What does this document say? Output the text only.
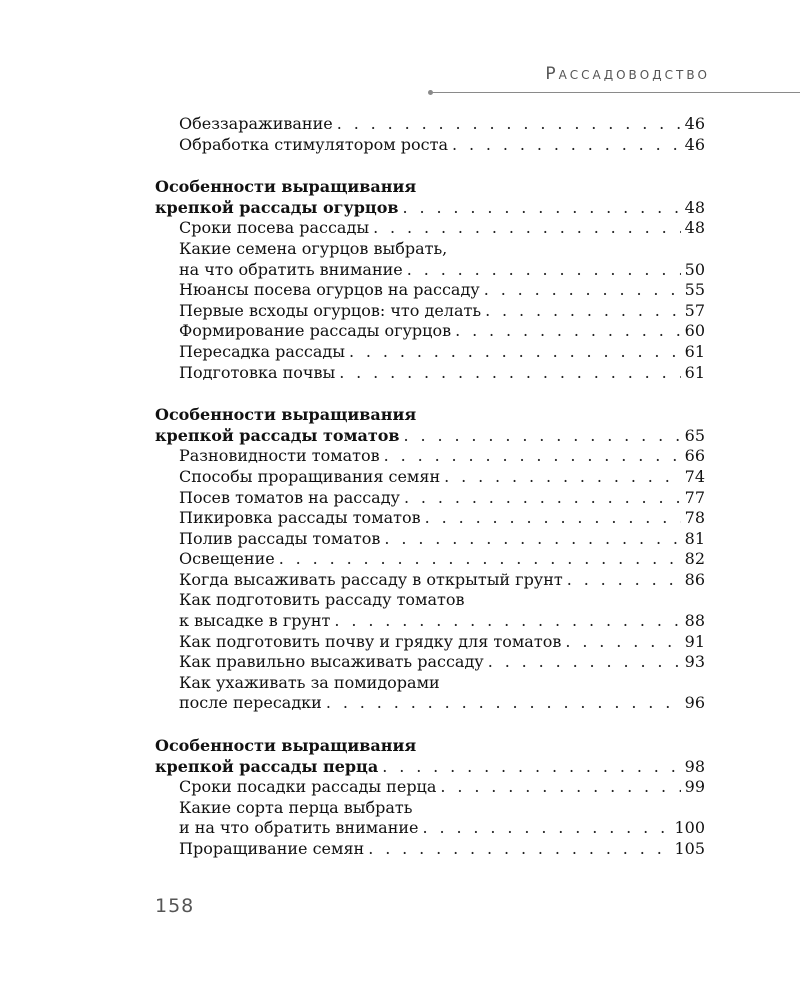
Рассадоводство
Обеззараживание . . .	46
Обработка стимулятором роста . . .	46
Особенности выращивания
крепкой рассады огурцов . . .	48
Сроки посева рассады . . .	48
Какие семена огурцов выбрать,
на что обратить внимание . . .	50
Нюансы посева огурцов на рассаду . . .	55
Первые всходы огурцов: что делать . . .	57
Формирование рассады огурцов . . .	60
Пересадка рассады . . .	61
Подготовка почвы . . .	61
Особенности выращивания
крепкой рассады томатов . . .	65
Разновидности томатов . . .	66
Способы проращивания семян . . .	74
Посев томатов на рассаду . . .	77
Пикировка рассады томатов . . .	78
Полив рассады томатов . . .	81
Освещение . . .	82
Когда высаживать рассаду в открытый грунт . . .	86
Как подготовить рассаду томатов
к высадке в грунт . . .	88
Как подготовить почву и грядку для томатов . . .	91
Как правильно высаживать рассаду . . .	93
Как ухаживать за помидорами
после пересадки . . .	96
Особенности выращивания
крепкой рассады перца . . .	98
Сроки посадки рассады перца . . .	99
Какие сорта перца выбрать
и на что обратить внимание . . .	100
Проращивание семян . . .	105
158
